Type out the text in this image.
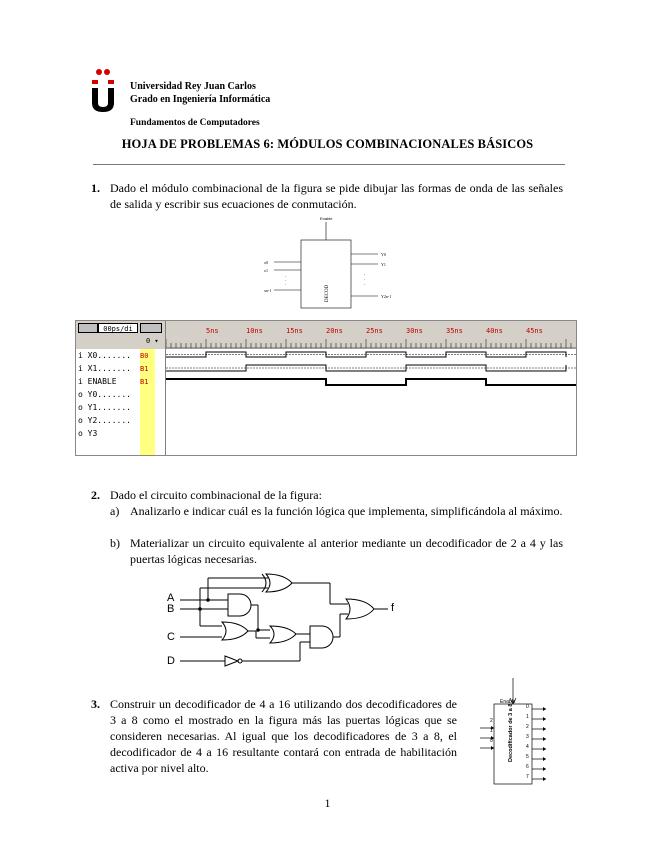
Universidad Rey Juan Carlos
Grado en Ingeniería Informática
Fundamentos de Computadores
HOJA DE PROBLEMAS 6: MÓDULOS COMBINACIONALES BÁSICOS
1. Dado el módulo combinacional de la figura se pide dibujar las formas de onda de las señales de salida y escribir sus ecuaciones de conmutación.
Enable
x0
x1
xn-1
·
·
·
Y0
Y1
Y2n-1
·
·
·
DECOD
00ps/di
0 ▾
5ns	10ns	15ns	20ns	25ns	30ns	35ns	40ns	45ns
i X0....... B0
i X1....... B1
i ENABLE	B1
o Y0.......
o Y1.......
o Y2.......
o Y3
2. Dado el circuito combinacional de la figura:
a) Analizarlo e indicar cuál es la función lógica que implementa, simplificándola al máximo.
b) Materializar un circuito equivalente al anterior mediante un decodificador de 2 a 4 y las puertas lógicas necesarias.
A
B
C
D
f
3. Construir un decodificador de 4 a 16 utilizando dos decodificadores de 3 a 8 como el mostrado en la figura más las puertas lógicas que se consideren necesarias. Al igual que los decodificadores de 3 a 8, el decodificador de 4 a 16 resultante contará con entrada de habilitación activa por nivel alto.
Enable
Decodificador de 3 a 8
2
1
0
0
1
2
3
4
5
6
7
1
